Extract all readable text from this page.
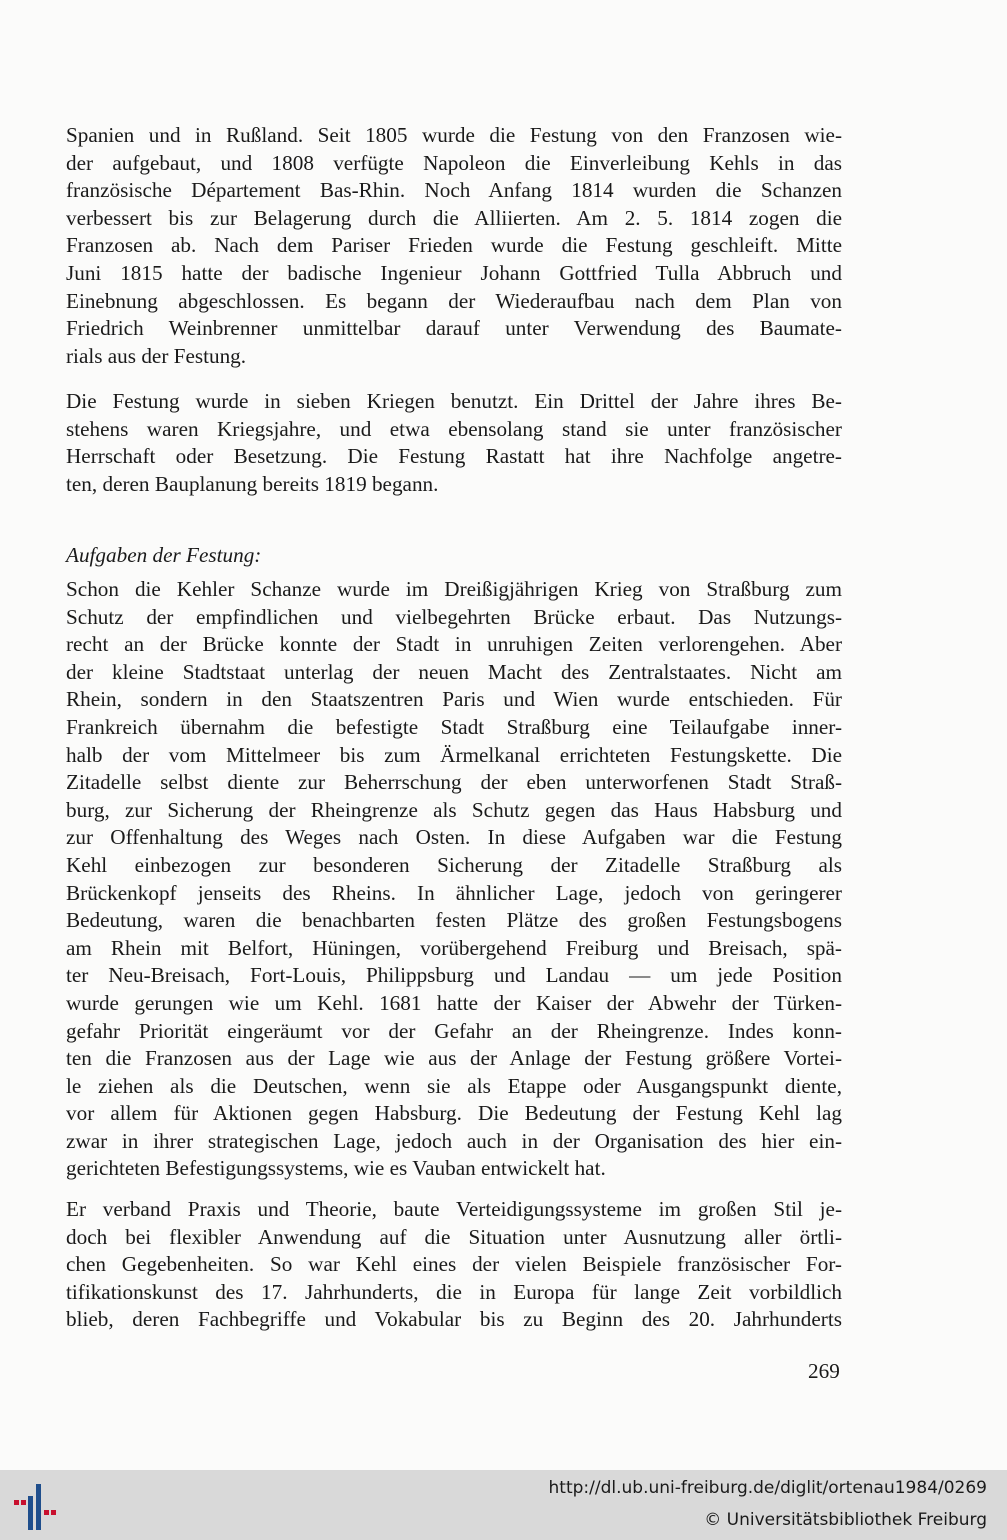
Spanien und in Rußland. Seit 1805 wurde die Festung von den Franzosen wie-
der aufgebaut, und 1808 verfügte Napoleon die Einverleibung Kehls in das
französische Département Bas-Rhin. Noch Anfang 1814 wurden die Schanzen
verbessert bis zur Belagerung durch die Alliierten. Am 2. 5. 1814 zogen die
Franzosen ab. Nach dem Pariser Frieden wurde die Festung geschleift. Mitte
Juni 1815 hatte der badische Ingenieur Johann Gottfried Tulla Abbruch und
Einebnung abgeschlossen. Es begann der Wiederaufbau nach dem Plan von
Friedrich Weinbrenner unmittelbar darauf unter Verwendung des Baumate-
rials aus der Festung.
Die Festung wurde in sieben Kriegen benutzt. Ein Drittel der Jahre ihres Be-
stehens waren Kriegsjahre, und etwa ebensolang stand sie unter französischer
Herrschaft oder Besetzung. Die Festung Rastatt hat ihre Nachfolge angetre-
ten, deren Bauplanung bereits 1819 begann.
Aufgaben der Festung:
Schon die Kehler Schanze wurde im Dreißigjährigen Krieg von Straßburg zum
Schutz der empfindlichen und vielbegehrten Brücke erbaut. Das Nutzungs-
recht an der Brücke konnte der Stadt in unruhigen Zeiten verlorengehen. Aber
der kleine Stadtstaat unterlag der neuen Macht des Zentralstaates. Nicht am
Rhein, sondern in den Staatszentren Paris und Wien wurde entschieden. Für
Frankreich übernahm die befestigte Stadt Straßburg eine Teilaufgabe inner-
halb der vom Mittelmeer bis zum Ärmelkanal errichteten Festungskette. Die
Zitadelle selbst diente zur Beherrschung der eben unterworfenen Stadt Straß-
burg, zur Sicherung der Rheingrenze als Schutz gegen das Haus Habsburg und
zur Offenhaltung des Weges nach Osten. In diese Aufgaben war die Festung
Kehl einbezogen zur besonderen Sicherung der Zitadelle Straßburg als
Brückenkopf jenseits des Rheins. In ähnlicher Lage, jedoch von geringerer
Bedeutung, waren die benachbarten festen Plätze des großen Festungsbogens
am Rhein mit Belfort, Hüningen, vorübergehend Freiburg und Breisach, spä-
ter Neu-Breisach, Fort-Louis, Philippsburg und Landau — um jede Position
wurde gerungen wie um Kehl. 1681 hatte der Kaiser der Abwehr der Türken-
gefahr Priorität eingeräumt vor der Gefahr an der Rheingrenze. Indes konn-
ten die Franzosen aus der Lage wie aus der Anlage der Festung größere Vortei-
le ziehen als die Deutschen, wenn sie als Etappe oder Ausgangspunkt diente,
vor allem für Aktionen gegen Habsburg. Die Bedeutung der Festung Kehl lag
zwar in ihrer strategischen Lage, jedoch auch in der Organisation des hier ein-
gerichteten Befestigungssystems, wie es Vauban entwickelt hat.
Er verband Praxis und Theorie, baute Verteidigungssysteme im großen Stil je-
doch bei flexibler Anwendung auf die Situation unter Ausnutzung aller örtli-
chen Gegebenheiten. So war Kehl eines der vielen Beispiele französischer For-
tifikationskunst des 17. Jahrhunderts, die in Europa für lange Zeit vorbildlich
blieb, deren Fachbegriffe und Vokabular bis zu Beginn des 20. Jahrhunderts
269
http://dl.ub.uni-freiburg.de/diglit/ortenau1984/0269
© Universitätsbibliothek Freiburg
